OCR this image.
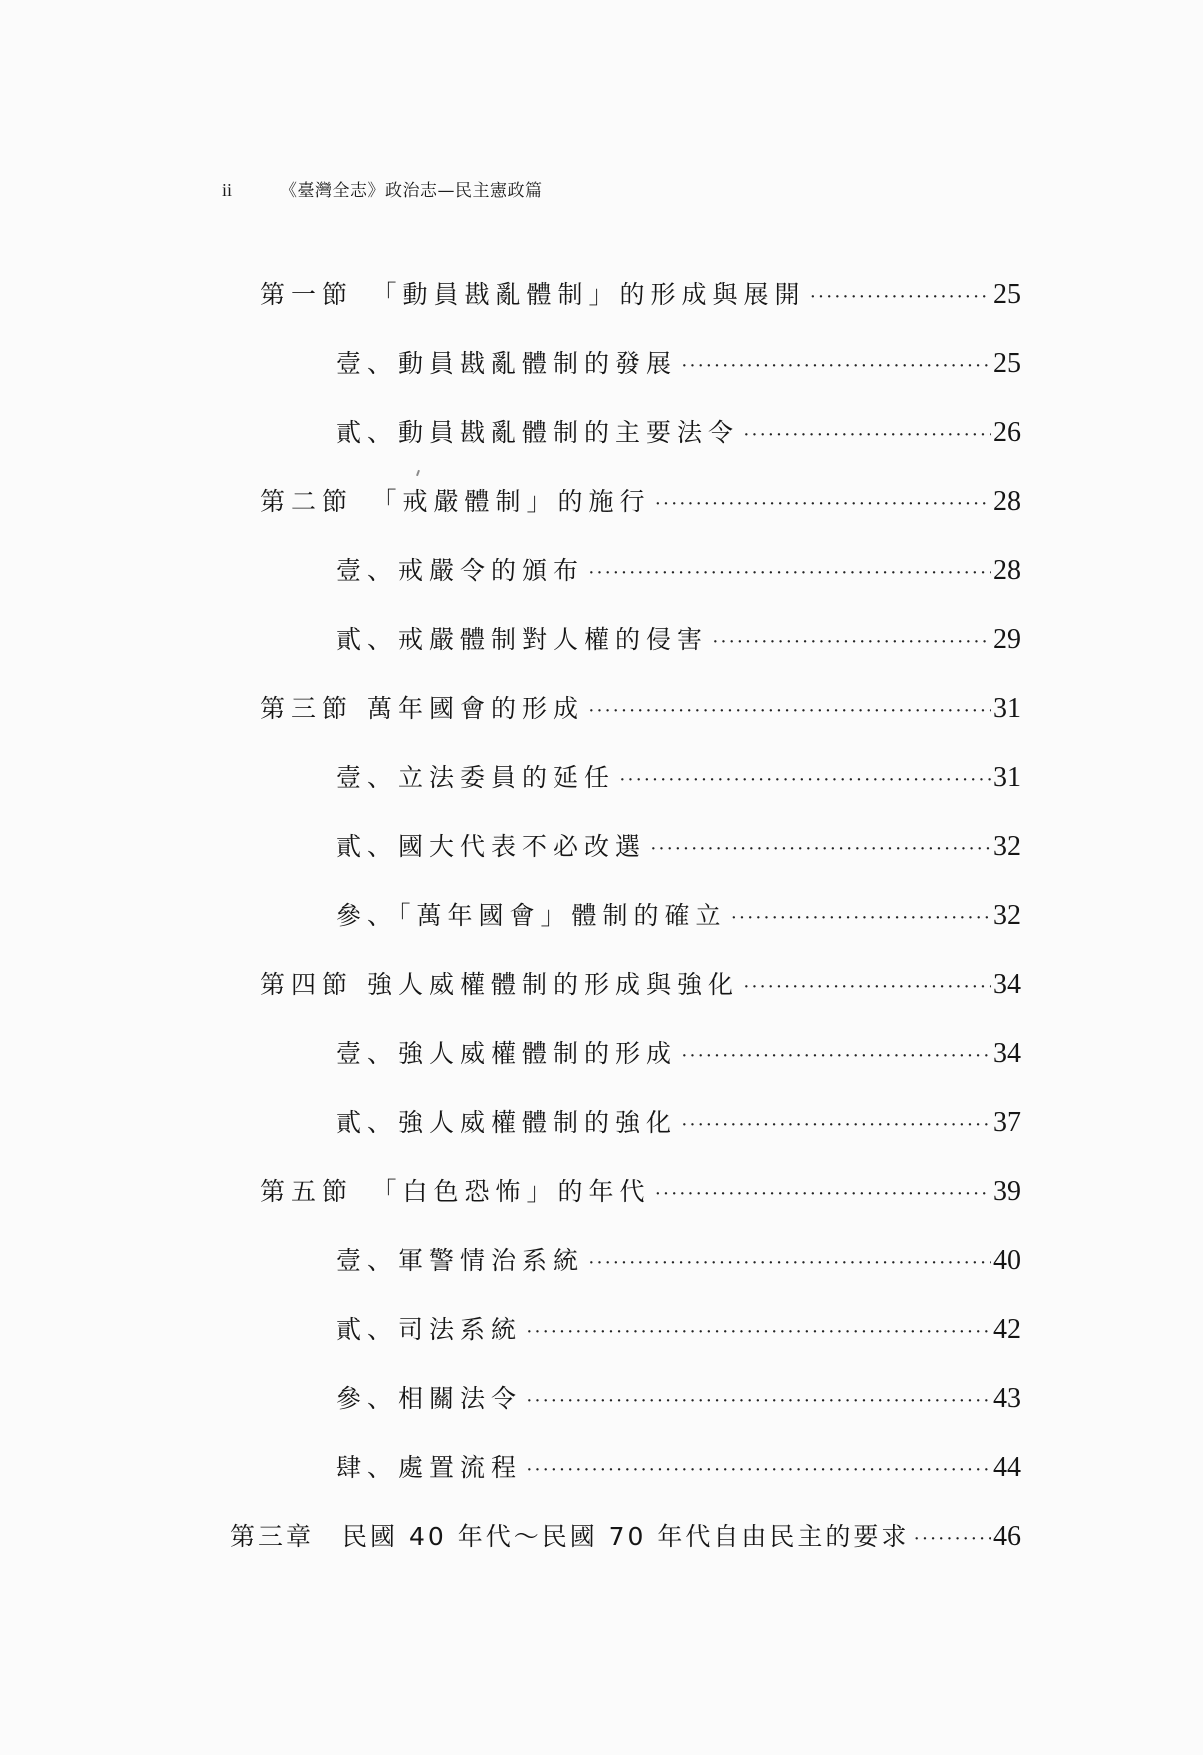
ii	《臺灣全志》政治志—民主憲政篇
第一節　「動員戡亂體制」的形成與展開 ·····	25
壹、動員戡亂體制的發展 ·····	25
貳、動員戡亂體制的主要法令 ·····	26
第二節　「戒嚴體制」的施行 ·····	28
壹、戒嚴令的頒布 ·····	28
貳、戒嚴體制對人權的侵害 ·····	29
第三節 萬年國會的形成 ·····	31
壹、立法委員的延任 ·····	31
貳、國大代表不必改選 ·····	32
參、「萬年國會」體制的確立 ·····	32
第四節 強人威權體制的形成與強化 ·····	34
壹、強人威權體制的形成 ·····	34
貳、強人威權體制的強化 ·····	37
第五節　「白色恐怖」的年代 ·····	39
壹、軍警情治系統 ·····	40
貳、司法系統 ·····	42
參、相關法令 ·····	43
肆、處置流程 ·····	44
第三章　民國 40 年代～民國 70 年代自由民主的要求 ·····	46
